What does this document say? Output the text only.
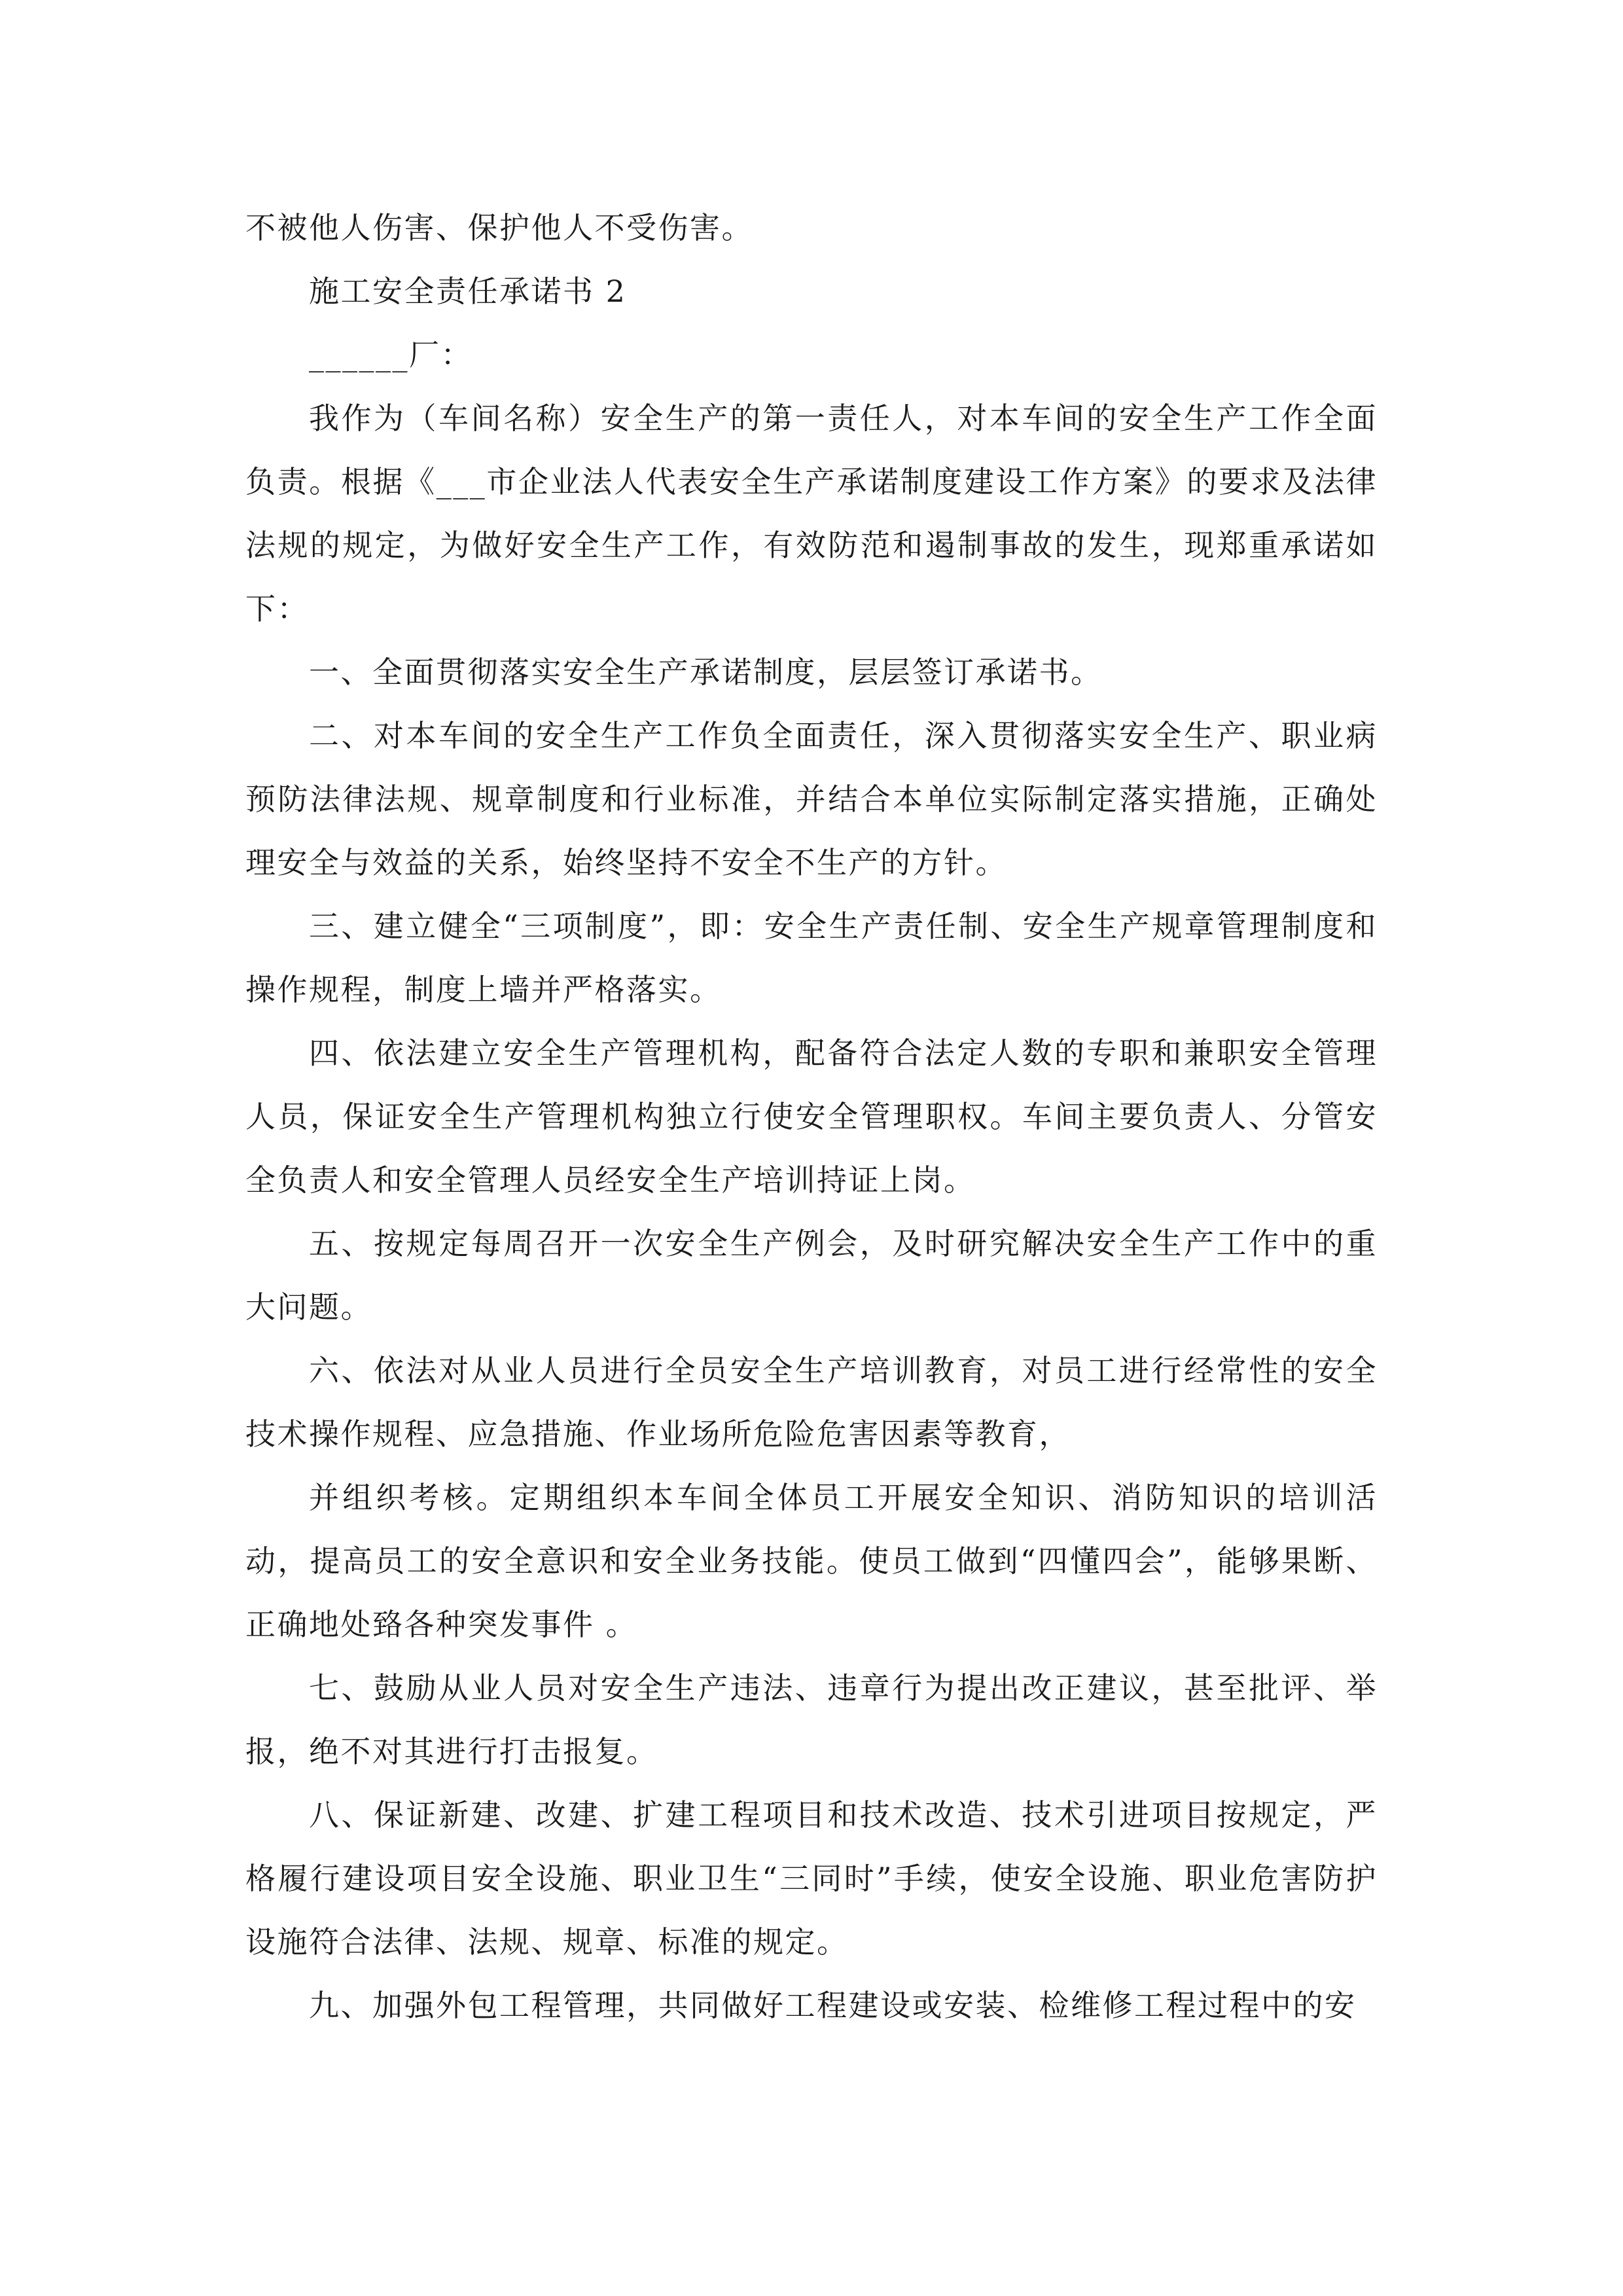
不被他人伤害、保护他人不受伤害。

施工安全责任承诺书 2

______厂：

我作为（车间名称）安全生产的第一责任人，对本车间的安全生产工作全面负责。根据《___市企业法人代表安全生产承诺制度建设工作方案》的要求及法律法规的规定，为做好安全生产工作，有效防范和遏制事故的发生，现郑重承诺如下：

一、全面贯彻落实安全生产承诺制度，层层签订承诺书。

二、对本车间的安全生产工作负全面责任，深入贯彻落实安全生产、职业病预防法律法规、规章制度和行业标准，并结合本单位实际制定落实措施，正确处理安全与效益的关系，始终坚持不安全不生产的方针。

三、建立健全“三项制度”，即：安全生产责任制、安全生产规章管理制度和操作规程，制度上墙并严格落实。

四、依法建立安全生产管理机构，配备符合法定人数的专职和兼职安全管理人员，保证安全生产管理机构独立行使安全管理职权。车间主要负责人、分管安全负责人和安全管理人员经安全生产培训持证上岗。

五、按规定每周召开一次安全生产例会，及时研究解决安全生产工作中的重大问题。

六、依法对从业人员进行全员安全生产培训教育，对员工进行经常性的安全技术操作规程、应急措施、作业场所危险危害因素等教育，

并组织考核。定期组织本车间全体员工开展安全知识、消防知识的培训活动，提高员工的安全意识和安全业务技能。使员工做到“四懂四会”，能够果断、正确地处臵各种突发事件 。

七、鼓励从业人员对安全生产违法、违章行为提出改正建议，甚至批评、举报，绝不对其进行打击报复。

八、保证新建、改建、扩建工程项目和技术改造、技术引进项目按规定，严格履行建设项目安全设施、职业卫生“三同时”手续，使安全设施、职业危害防护设施符合法律、法规、规章、标准的规定。

九、加强外包工程管理，共同做好工程建设或安装、检维修工程过程中的安
